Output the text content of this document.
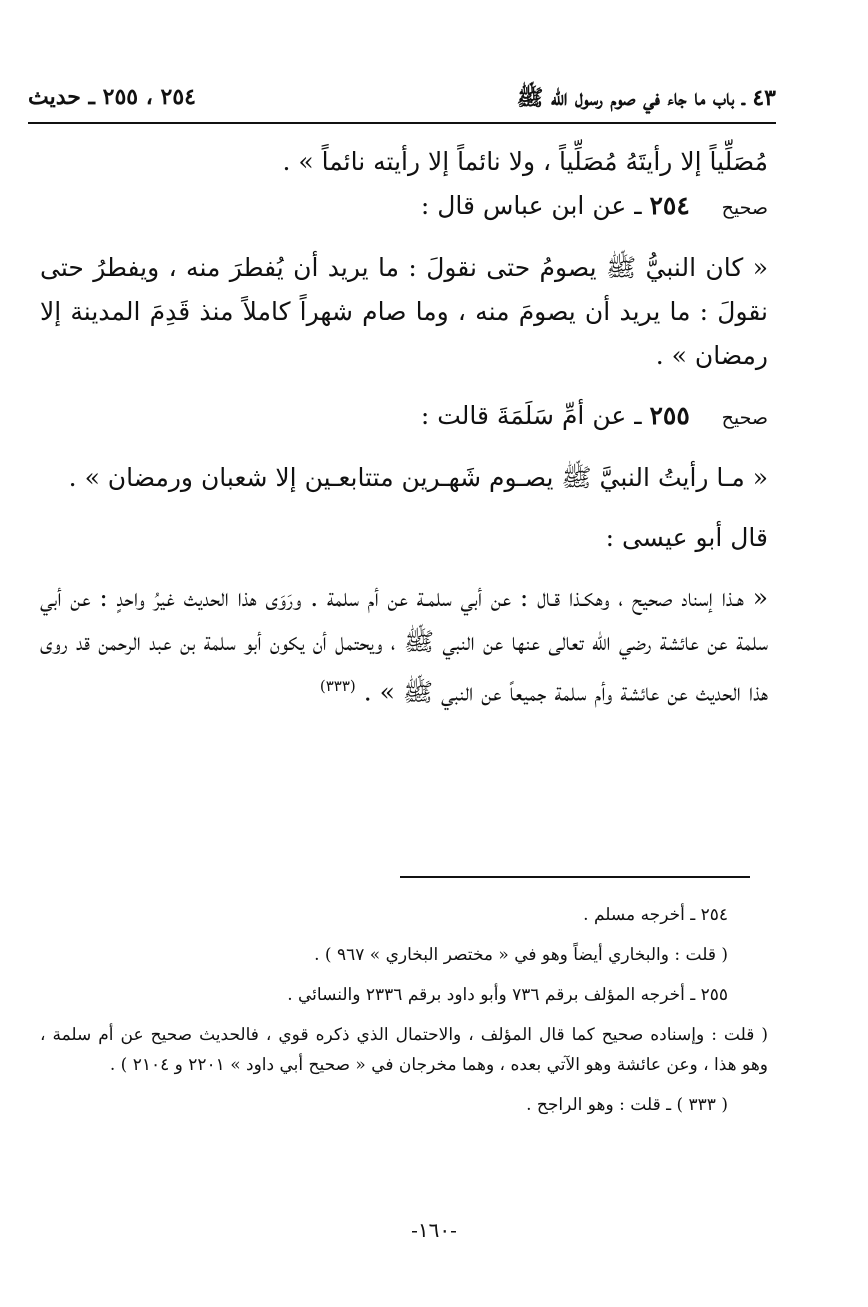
٤٣ ـ باب ما جاء في صوم رسول الله ﷺ
٢٥٤ ، ٢٥٥ ـ حديث

مُصَلِّياً إلا رأيتَهُ مُصَلِّياً ، ولا نائماً إلا رأيته نائماً » .

صحيح    ٢٥٤ ـ عن ابن عباس قال :

« كان النبيُّ ﷺ يصومُ حتى نقولَ : ما يريد أن يُفطرَ منه ، ويفطرُ حتى نقولَ : ما يريد أن يصومَ منه ، وما صام شهراً كاملاً منذ قَدِمَ المدينة إلا رمضان » .

صحيح    ٢٥٥ ـ عن أمِّ سَلَمَةَ قالت :

« مـا رأيتُ النبيَّ ﷺ يصـوم شَهـرين متتابعـين إلا شعبان ورمضان » .

قال أبو عيسى :

« هـذا إسناد صحيح ، وهكـذا قـال : عن أبي سلمـة عن أم سلمة . ورَوَى هذا الحديث غيرُ واحدٍ : عن أبي سلمة عن عائشة رضي الله تعالى عنها عن النبي ﷺ ، ويحتمل أن يكون أبو سلمة بن عبد الرحمن قد روى هذا الحديث عن عائشة وأم سلمة جميعاً عن النبي ﷺ » . $^{(٣٣٣)}$

٢٥٤ ـ أخرجه مسلم .

( قلت : والبخاري أيضاً وهو في « مختصر البخاري » ٩٦٧ ) .

٢٥٥ ـ أخرجه المؤلف برقم ٧٣٦ وأبو داود برقم ٢٣٣٦ والنسائي .

( قلت : وإسناده صحيح كما قال المؤلف ، والاحتمال الذي ذكره قوي ، فالحديث صحيح عن أم سلمة ، وهو هذا ، وعن عائشة وهو الآتي بعده ، وهما مخرجان في « صحيح أبي داود » ٢٢٠١ و ٢١٠٤ ) .

( ٣٣٣ ) ـ قلت : وهو الراجح .

-١٦٠-
